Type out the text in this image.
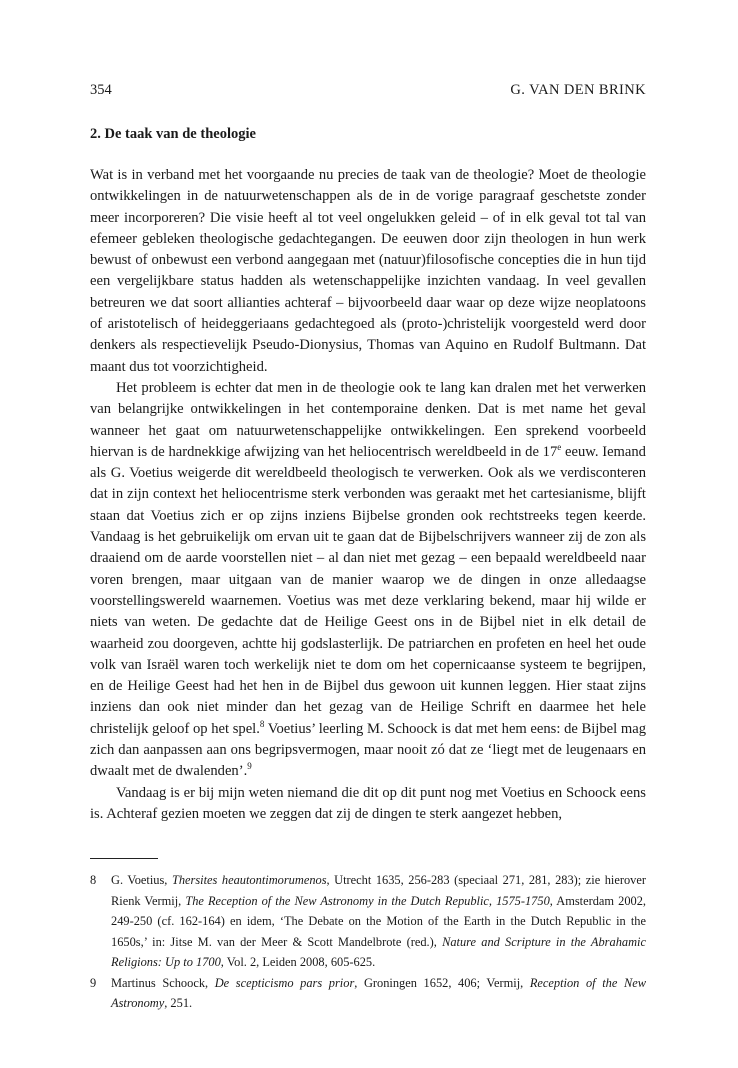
354	G. VAN DEN BRINK
2. De taak van de theologie

Wat is in verband met het voorgaande nu precies de taak van de theologie? Moet de theologie ontwikkelingen in de natuurwetenschappen als de in de vorige paragraaf geschetste zonder meer incorporeren? Die visie heeft al tot veel ongelukken geleid – of in elk geval tot tal van efemeer gebleken theologische gedachtegangen. De eeuwen door zijn theologen in hun werk bewust of onbewust een verbond aangegaan met (natuur)filosofische concepties die in hun tijd een vergelijkbare status hadden als wetenschappelijke inzichten vandaag. In veel gevallen betreuren we dat soort allianties achteraf – bijvoorbeeld daar waar op deze wijze neoplatoons of aristotelisch of heideggeriaans gedachtegoed als (proto-)christelijk voorgesteld werd door denkers als respectievelijk Pseudo-Dionysius, Thomas van Aquino en Rudolf Bultmann. Dat maant dus tot voorzichtigheid.

Het probleem is echter dat men in de theologie ook te lang kan dralen met het verwerken van belangrijke ontwikkelingen in het contemporaine denken. Dat is met name het geval wanneer het gaat om natuurwetenschappelijke ontwikkelingen. Een sprekend voorbeeld hiervan is de hardnekkige afwijzing van het heliocentrisch wereldbeeld in de 17e eeuw. Iemand als G. Voetius weigerde dit wereldbeeld theologisch te verwerken. Ook als we verdisconteren dat in zijn context het heliocentrisme sterk verbonden was geraakt met het cartesianisme, blijft staan dat Voetius zich er op zijns inziens Bijbelse gronden ook rechtstreeks tegen keerde. Vandaag is het gebruikelijk om ervan uit te gaan dat de Bijbelschrijvers wanneer zij de zon als draaiend om de aarde voorstellen niet – al dan niet met gezag – een bepaald wereldbeeld naar voren brengen, maar uitgaan van de manier waarop we de dingen in onze alledaagse voorstellingswereld waarnemen. Voetius was met deze verklaring bekend, maar hij wilde er niets van weten. De gedachte dat de Heilige Geest ons in de Bijbel niet in elk detail de waarheid zou doorgeven, achtte hij godslasterlijk. De patriarchen en profeten en heel het oude volk van Israël waren toch werkelijk niet te dom om het copernicaanse systeem te begrijpen, en de Heilige Geest had het hen in de Bijbel dus gewoon uit kunnen leggen. Hier staat zijns inziens dan ook niet minder dan het gezag van de Heilige Schrift en daarmee het hele christelijk geloof op het spel.$^8$ Voetius’ leerling M. Schoock is dat met hem eens: de Bijbel mag zich dan aanpassen aan ons begripsvermogen, maar nooit zó dat ze ‘liegt met de leugenaars en dwaalt met de dwalenden’.$^9$

Vandaag is er bij mijn weten niemand die dit op dit punt nog met Voetius en Schoock eens is. Achteraf gezien moeten we zeggen dat zij de dingen te sterk aangezet hebben,

8 G. Voetius, Thersites heautontimorumenos, Utrecht 1635, 256-283 (speciaal 271, 281, 283); zie hierover Rienk Vermij, The Reception of the New Astronomy in the Dutch Republic, 1575-1750, Amsterdam 2002, 249-250 (cf. 162-164) en idem, ‘The Debate on the Motion of the Earth in the Dutch Republic in the 1650s,’ in: Jitse M. van der Meer & Scott Mandelbrote (red.), Nature and Scripture in the Abrahamic Religions: Up to 1700, Vol. 2, Leiden 2008, 605-625.
9 Martinus Schoock, De scepticismo pars prior, Groningen 1652, 406; Vermij, Reception of the New Astronomy, 251.
